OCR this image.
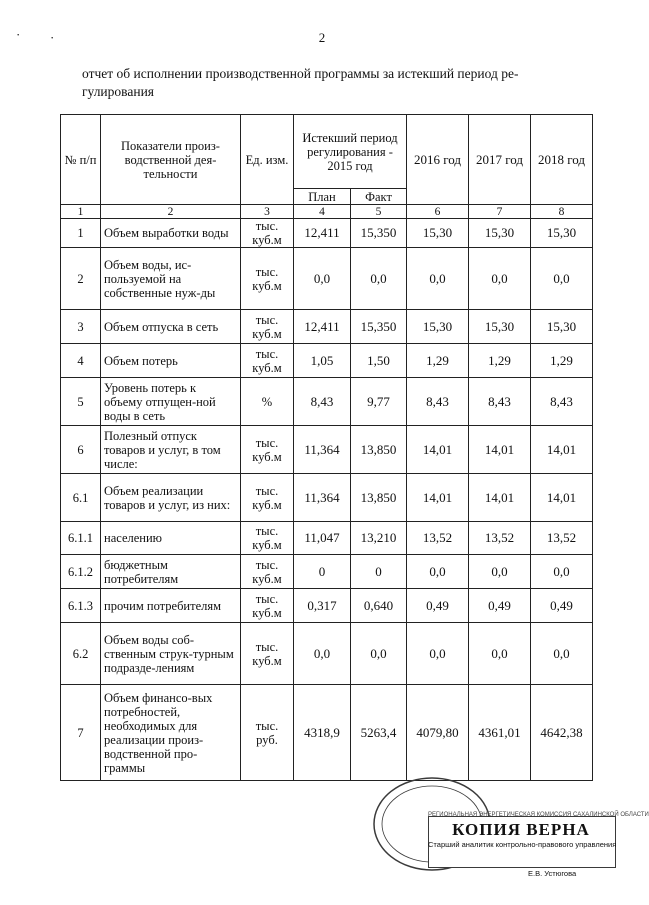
2
отчет об исполнении производственной программы за истекший период ре-гулирования
· ·
№ п/п	Показатели произ-водственной дея-тельности	Ед. изм.	Истекший период регулирования - 2015 год		2016 год	2017 год	2018 год
			План	Факт			
1	2	3	4	5	6	7	8
1	Объем выработки воды	тыс. куб.м	12,411	15,350	15,30	15,30	15,30
2	Объем воды, ис-пользуемой на собственные нуж-ды	тыс. куб.м	0,0	0,0	0,0	0,0	0,0
3	Объем отпуска в сеть	тыс. куб.м	12,411	15,350	15,30	15,30	15,30
4	Объем потерь	тыс. куб.м	1,05	1,50	1,29	1,29	1,29
5	Уровень потерь к объему отпущен-ной воды в сеть	%	8,43	9,77	8,43	8,43	8,43
6	Полезный отпуск товаров и услуг, в том числе:	тыс. куб.м	11,364	13,850	14,01	14,01	14,01
6.1	Объем реализации товаров и услуг, из них:	тыс. куб.м	11,364	13,850	14,01	14,01	14,01
6.1.1	населению	тыс. куб.м	11,047	13,210	13,52	13,52	13,52
6.1.2	бюджетным потребителям	тыс. куб.м	0	0	0,0	0,0	0,0
6.1.3	прочим потребителям	тыс. куб.м	0,317	0,640	0,49	0,49	0,49
6.2	Объем воды соб-ственным струк-турным подразде-лениям	тыс. куб.м	0,0	0,0	0,0	0,0	0,0
7	Объем финансо-вых потребностей, необходимых для реализации произ-водственной про-граммы	тыс. руб.	4318,9	5263,4	4079,80	4361,01	4642,38
РЕГИОНАЛЬНАЯ ЭНЕРГЕТИЧЕСКАЯ КОМИССИЯ САХАЛИНСКОЙ ОБЛАСТИ
КОПИЯ ВЕРНА
Старший аналитик контрольно-правового управления
Е.В. Устюгова
